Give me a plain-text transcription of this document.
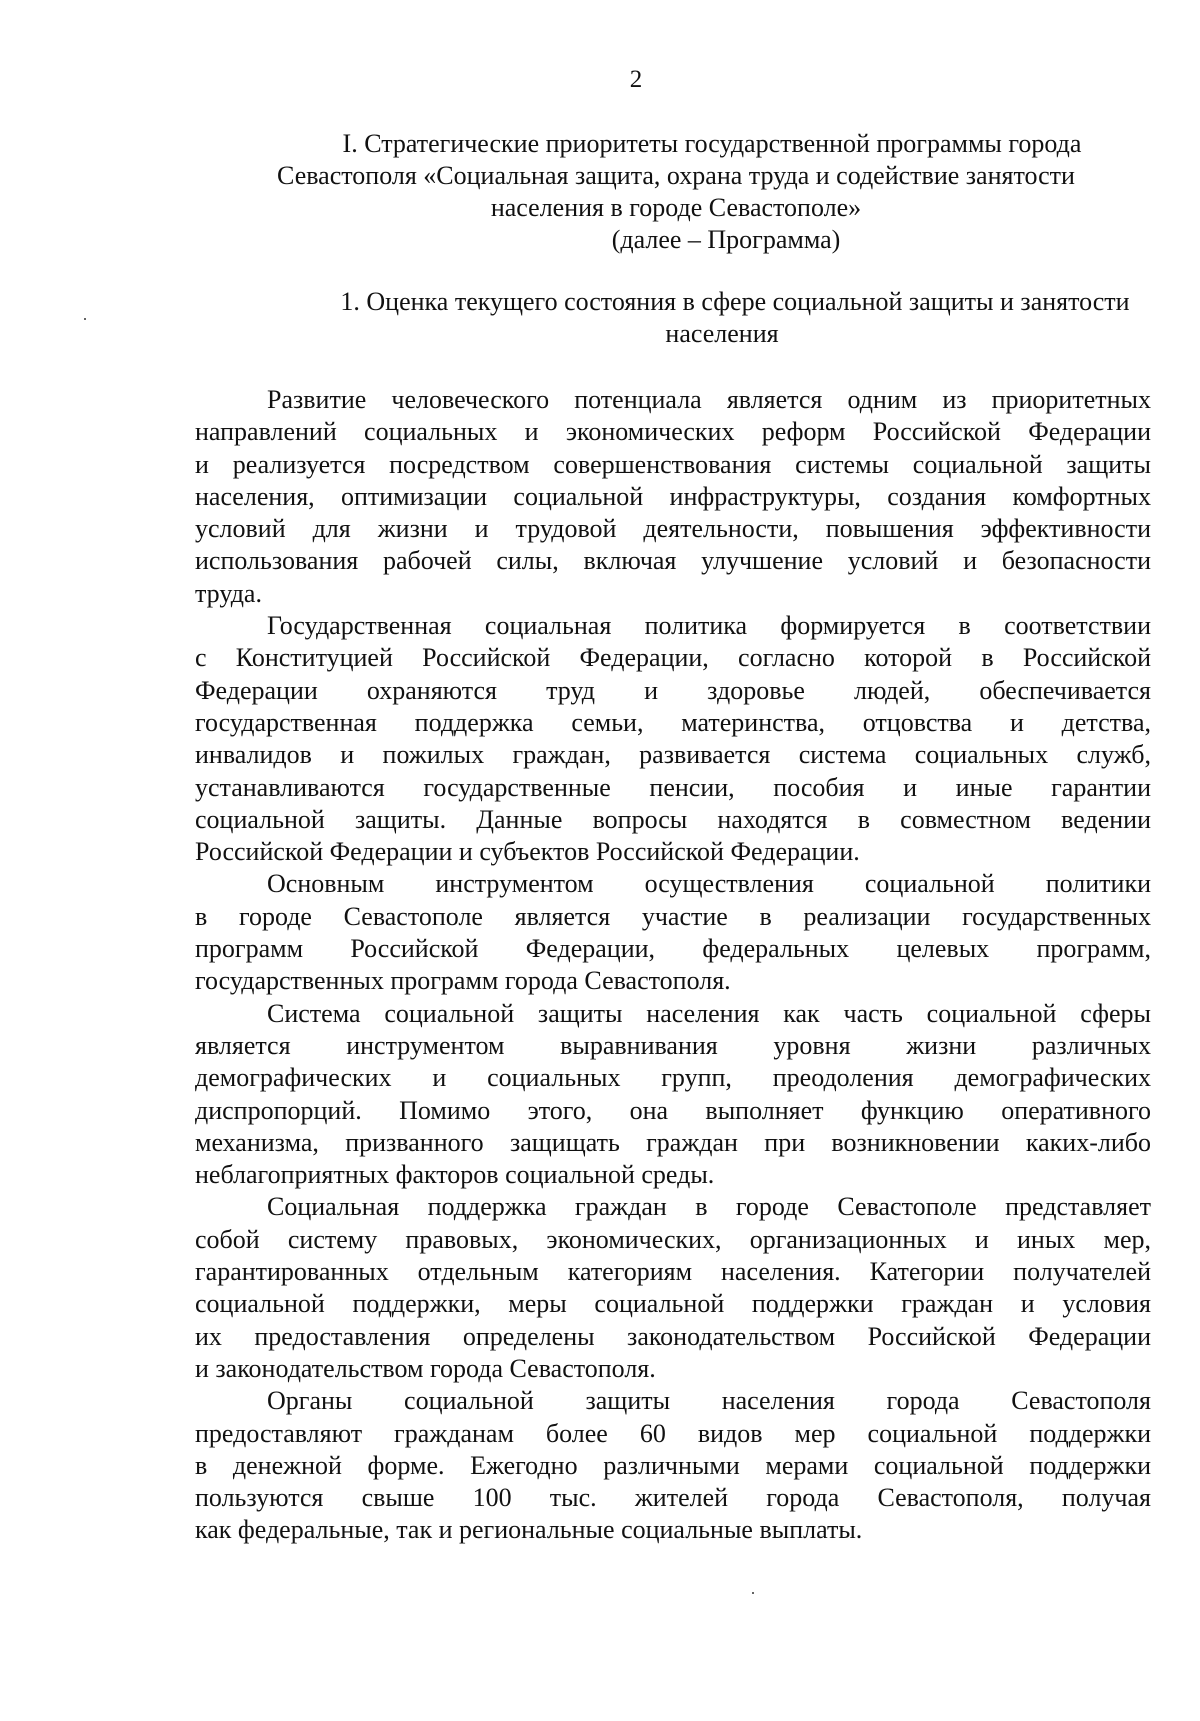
2
I. Стратегические приоритеты государственной программы города
Севастополя «Социальная защита, охрана труда и содействие занятости
населения в городе Севастополе»
(далее – Программа)
1. Оценка текущего состояния в сфере социальной защиты и занятости
населения
Развитие человеческого потенциала является одним из приоритетных
направлений социальных и экономических реформ Российской Федерации
и реализуется посредством совершенствования системы социальной защиты
населения, оптимизации социальной инфраструктуры, создания комфортных
условий для жизни и трудовой деятельности, повышения эффективности
использования рабочей силы, включая улучшение условий и безопасности
труда.
Государственная социальная политика формируется в соответствии
с Конституцией Российской Федерации, согласно которой в Российской
Федерации охраняются труд и здоровье людей, обеспечивается
государственная поддержка семьи, материнства, отцовства и детства,
инвалидов и пожилых граждан, развивается система социальных служб,
устанавливаются государственные пенсии, пособия и иные гарантии
социальной защиты. Данные вопросы находятся в совместном ведении
Российской Федерации и субъектов Российской Федерации.
Основным инструментом осуществления социальной политики
в городе Севастополе является участие в реализации государственных
программ Российской Федерации, федеральных целевых программ,
государственных программ города Севастополя.
Система социальной защиты населения как часть социальной сферы
является инструментом выравнивания уровня жизни различных
демографических и социальных групп, преодоления демографических
диспропорций. Помимо этого, она выполняет функцию оперативного
механизма, призванного защищать граждан при возникновении каких-либо
неблагоприятных факторов социальной среды.
Социальная поддержка граждан в городе Севастополе представляет
собой систему правовых, экономических, организационных и иных мер,
гарантированных отдельным категориям населения. Категории получателей
социальной поддержки, меры социальной поддержки граждан и условия
их предоставления определены законодательством Российской Федерации
и законодательством города Севастополя.
Органы социальной защиты населения города Севастополя
предоставляют гражданам более 60 видов мер социальной поддержки
в денежной форме. Ежегодно различными мерами социальной поддержки
пользуются свыше 100 тыс. жителей города Севастополя, получая
как федеральные, так и региональные социальные выплаты.
